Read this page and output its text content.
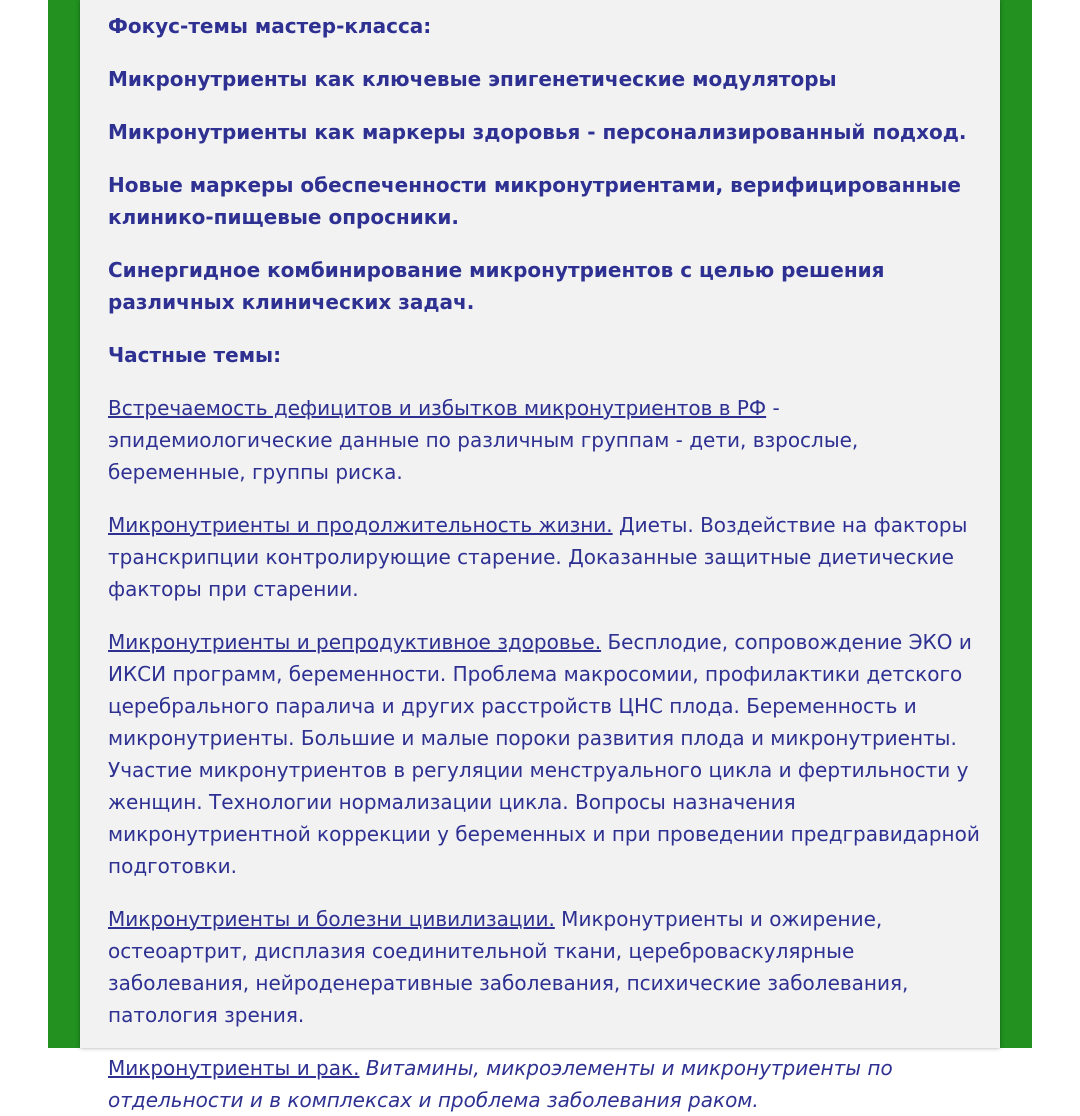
Фокус-темы мастер-класса:

Микронутриенты как ключевые эпигенетические модуляторы

Микронутриенты как маркеры здоровья - персонализированный подход.

Новые маркеры обеспеченности микронутриентами, верифицированные клинико-пищевые опросники.

Синергидное комбинирование микронутриентов с целью решения различных клинических задач.

Частные темы:

Встречаемость дефицитов и избытков микронутриентов в РФ - эпидемиологические данные по различным группам - дети, взрослые, беременные, группы риска.

Микронутриенты и продолжительность жизни. Диеты. Воздействие на факторы транскрипции контролирующие старение. Доказанные защитные диетические факторы при старении.

Микронутриенты и репродуктивное здоровье. Бесплодие, сопровождение ЭКО и ИКСИ программ, беременности. Проблема макросомии, профилактики детского церебрального паралича и других расстройств ЦНС плода. Беременность и микронутриенты. Большие и малые пороки развития плода и микронутриенты. Участие микронутриентов в регуляции менструального цикла и фертильности у женщин. Технологии нормализации цикла. Вопросы назначения микронутриентной коррекции у беременных и при проведении предгравидарной подготовки.

Микронутриенты и болезни цивилизации. Микронутриенты и ожирение, остеоартрит, дисплазия соединительной ткани, цереброваскулярные заболевания, нейроденеративные заболевания, психические заболевания, патология зрения.

Микронутриенты и рак. Витамины, микроэлементы и микронутриенты по отдельности и в комплексах и проблема заболевания раком.
